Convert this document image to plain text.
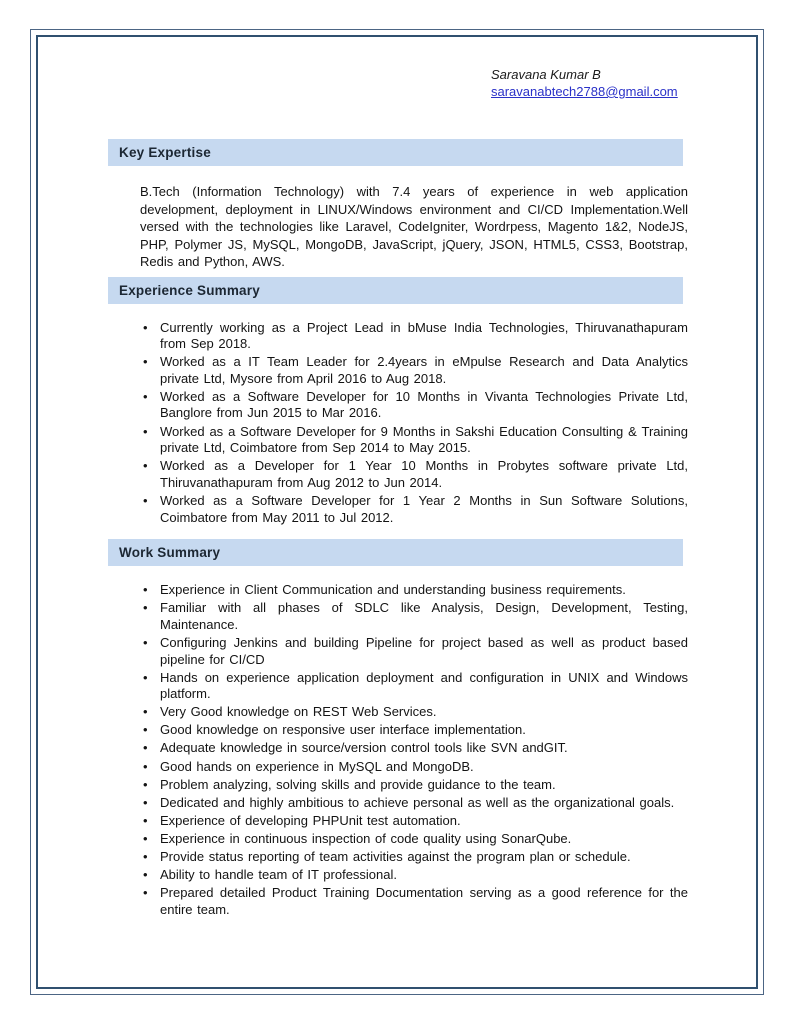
Saravana Kumar B
saravanabtech2788@gmail.com
Key Expertise
B.Tech (Information Technology) with 7.4 years of experience in web application development, deployment in LINUX/Windows environment and CI/CD Implementation.Well versed with the technologies like Laravel, CodeIgniter, Wordrpess, Magento 1&2, NodeJS, PHP, Polymer JS, MySQL, MongoDB, JavaScript, jQuery, JSON, HTML5, CSS3, Bootstrap, Redis and Python, AWS.
Experience Summary
• Currently working as a Project Lead in bMuse India Technologies, Thiruvanathapuram from Sep 2018.
• Worked as a IT Team Leader for 2.4years in eMpulse Research and Data Analytics private Ltd, Mysore from April 2016 to Aug 2018.
• Worked as a Software Developer for 10 Months in Vivanta Technologies Private Ltd, Banglore from Jun 2015 to Mar 2016.
• Worked as a Software Developer for 9 Months in Sakshi Education Consulting & Training private Ltd, Coimbatore from Sep 2014 to May 2015.
• Worked as a Developer for 1 Year 10 Months in Probytes software private Ltd, Thiruvanathapuram from Aug 2012 to Jun 2014.
• Worked as a Software Developer for 1 Year 2 Months in Sun Software Solutions, Coimbatore from May 2011 to Jul 2012.
Work Summary
• Experience in Client Communication and understanding business requirements.
• Familiar with all phases of SDLC like Analysis, Design, Development, Testing, Maintenance.
• Configuring Jenkins and building Pipeline for project based as well as product based pipeline for CI/CD
• Hands on experience application deployment and configuration in UNIX and Windows platform.
• Very Good knowledge on REST Web Services.
• Good knowledge on responsive user interface implementation.
• Adequate knowledge in source/version control tools like SVN andGIT.
• Good hands on experience in MySQL and MongoDB.
• Problem analyzing, solving skills and provide guidance to the team.
• Dedicated and highly ambitious to achieve personal as well as the organizational goals.
• Experience of developing PHPUnit test automation.
• Experience in continuous inspection of code quality using SonarQube.
• Provide status reporting of team activities against the program plan or schedule.
• Ability to handle team of IT professional.
• Prepared detailed Product Training Documentation serving as a good reference for the entire team.
